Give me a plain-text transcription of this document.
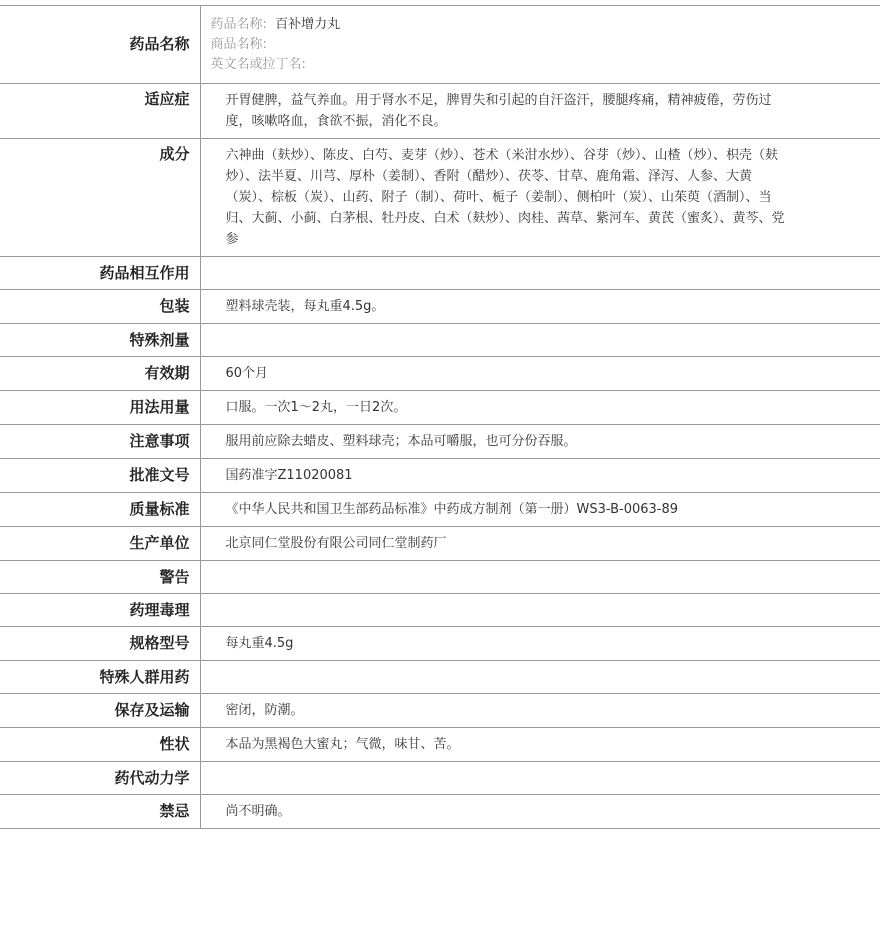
药品名称	药品名称: 百补增力丸
商品名称:
英文名或拉丁名:

适应症	开胃健脾，益气养血。用于肾水不足，脾胃失和引起的自汗盗汗，腰腿疼痛，精神疲倦，劳伤过度，咳嗽咯血，食欲不振，消化不良。

成分	六神曲（麸炒）、陈皮、白芍、麦芽（炒）、苍术（米泔水炒）、谷芽（炒）、山楂（炒）、枳壳（麸炒）、法半夏、川芎、厚朴（姜制）、香附（醋炒）、茯苓、甘草、鹿角霜、泽泻、人参、大黄（炭）、棕板（炭）、山药、附子（制）、荷叶、栀子（姜制）、侧柏叶（炭）、山茱萸（酒制）、当归、大蓟、小蓟、白茅根、牡丹皮、白术（麸炒）、肉桂、茜草、紫河车、黄芪（蜜炙）、黄芩、党参

药品相互作用	

包装	塑料球壳装，每丸重4.5g。

特殊剂量	

有效期	60个月

用法用量	口服。一次1～2丸，一日2次。

注意事项	服用前应除去蜡皮、塑料球壳；本品可嚼服，也可分份吞服。

批准文号	国药准字Z11020081

质量标准	《中华人民共和国卫生部药品标准》中药成方制剂（第一册）WS3-B-0063-89

生产单位	北京同仁堂股份有限公司同仁堂制药厂

警告	

药理毒理	

规格型号	每丸重4.5g

特殊人群用药	

保存及运输	密闭，防潮。

性状	本品为黑褐色大蜜丸；气微，味甘、苦。

药代动力学	

禁忌	尚不明确。
